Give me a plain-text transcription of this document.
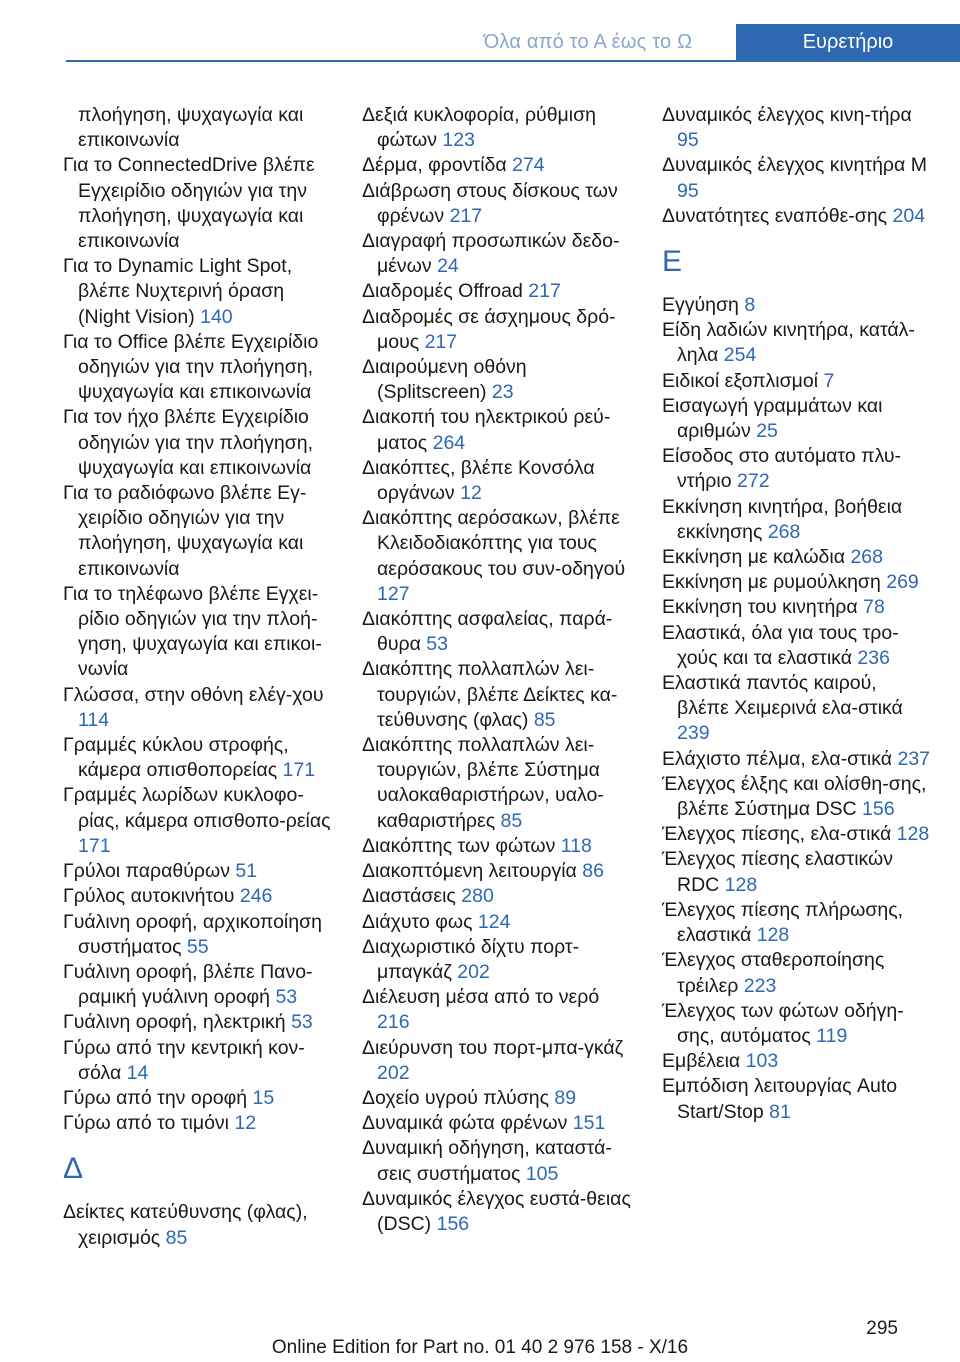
Όλα από το Α έως το Ω	Ευρετήριο

πλοήγηση, ψυχαγωγία και επικοινωνία

Για το ConnectedDrive βλέπε Εγχειρίδιο οδηγιών για την πλοήγηση, ψυχαγωγία και επικοινωνία

Για το Dynamic Light Spot, βλέπε Νυχτερινή όραση (Night Vision) 140

Για το Office βλέπε Εγχειρίδιο οδηγιών για την πλοήγηση, ψυχαγωγία και επικοινωνία

Για τον ήχο βλέπε Εγχειρίδιο οδηγιών για την πλοήγηση, ψυχαγωγία και επικοινωνία

Για το ραδιόφωνο βλέπε Εγ‐χειρίδιο οδηγιών για την πλοήγηση, ψυχαγωγία και επικοινωνία

Για το τηλέφωνο βλέπε Εγχει‐ρίδιο οδηγιών για την πλοή‐γηση, ψυχαγωγία και επικοι‐νωνία

Γλώσσα, στην οθόνη ελέγ‐χου 114

Γραμμές κύκλου στροφής, κάμερα οπισθοπορείας 171

Γραμμές λωρίδων κυκλοφο‐ρίας, κάμερα οπισθοπο‐ρείας 171

Γρύλοι παραθύρων 51

Γρύλος αυτοκινήτου 246

Γυάλινη οροφή, αρχικοποίηση συστήματος 55

Γυάλινη οροφή, βλέπε Πανο‐ραμική γυάλινη οροφή 53

Γυάλινη οροφή, ηλεκτρική 53

Γύρω από την κεντρική κον‐σόλα 14

Γύρω από την οροφή 15

Γύρω από το τιμόνι 12

Δ

Δείκτες κατεύθυνσης (φλας), χειρισμός 85

Δεξιά κυκλοφορία, ρύθμιση φώτων 123

Δέρμα, φροντίδα 274

Διάβρωση στους δίσκους των φρένων 217

Διαγραφή προσωπικών δεδο‐μένων 24

Διαδρομές Offroad 217

Διαδρομές σε άσχημους δρό‐μους 217

Διαιρούμενη οθόνη (Splitscreen) 23

Διακοπή του ηλεκτρικού ρεύ‐ματος 264

Διακόπτες, βλέπε Κονσόλα οργάνων 12

Διακόπτης αερόσακων, βλέπε Κλειδοδιακόπτης για τους αερόσακους του συν‐οδηγού 127

Διακόπτης ασφαλείας, παρά‐θυρα 53

Διακόπτης πολλαπλών λει‐τουργιών, βλέπε Δείκτες κα‐τεύθυνσης (φλας) 85

Διακόπτης πολλαπλών λει‐τουργιών, βλέπε Σύστημα υαλοκαθαριστήρων, υαλο‐καθαριστήρες 85

Διακόπτης των φώτων 118

Διακοπτόμενη λειτουργία 86

Διαστάσεις 280

Διάχυτο φως 124

Διαχωριστικό δίχτυ πορτ‐μπαγκάζ 202

Διέλευση μέσα από το νερό 216

Διεύρυνση του πορτ-μπα‐γκάζ 202

Δοχείο υγρού πλύσης 89

Δυναμικά φώτα φρένων 151

Δυναμική οδήγηση, καταστά‐σεις συστήματος 105

Δυναμικός έλεγχος ευστά‐θειας (DSC) 156

Δυναμικός έλεγχος κινη‐τήρα 95

Δυναμικός έλεγχος κινητήρα M 95

Δυνατότητες εναπόθε‐σης 204

Ε

Εγγύηση 8

Είδη λαδιών κινητήρα, κατάλ‐ληλα 254

Ειδικοί εξοπλισμοί 7

Εισαγωγή γραμμάτων και αριθμών 25

Είσοδος στο αυτόματο πλυ‐ντήριο 272

Εκκίνηση κινητήρα, βοήθεια εκκίνησης 268

Εκκίνηση με καλώδια 268

Εκκίνηση με ρυμούλκηση 269

Εκκίνηση του κινητήρα 78

Ελαστικά, όλα για τους τρο‐χούς και τα ελαστικά 236

Ελαστικά παντός καιρού, βλέπε Χειμερινά ελα‐στικά 239

Ελάχιστο πέλμα, ελα‐στικά 237

Έλεγχος έλξης και ολίσθη‐σης, βλέπε Σύστημα DSC 156

Έλεγχος πίεσης, ελα‐στικά 128

Έλεγχος πίεσης ελαστικών RDC 128

Έλεγχος πίεσης πλήρωσης, ελαστικά 128

Έλεγχος σταθεροποίησης τρέιλερ 223

Έλεγχος των φώτων οδήγη‐σης, αυτόματος 119

Εμβέλεια 103

Εμπόδιση λειτουργίας Auto Start/Stop 81

295
Online Edition for Part no. 01 40 2 976 158 - X/16
